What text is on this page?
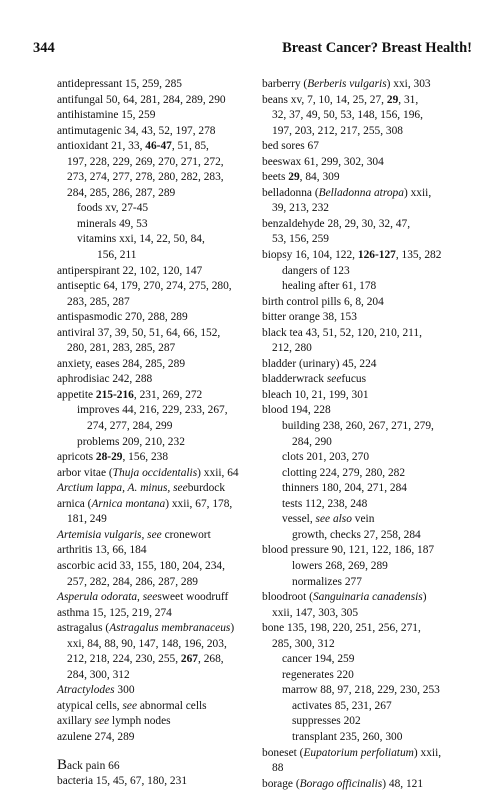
344	Breast Cancer? Breast Health!
antidepressant 15, 259, 285
antifungal 50, 64, 281, 284, 289, 290
antihistamine 15, 259
antimutagenic 34, 43, 52, 197, 278
antioxidant 21, 33, 46-47, 51, 85,
197, 228, 229, 269, 270, 271, 272,
273, 274, 277, 278, 280, 282, 283,
284, 285, 286, 287, 289
foods xv, 27-45
minerals 49, 53
vitamins xxi, 14, 22, 50, 84,
156, 211
antiperspirant 22, 102, 120, 147
antiseptic 64, 179, 270, 274, 275, 280,
283, 285, 287
antispasmodic 270, 288, 289
antiviral 37, 39, 50, 51, 64, 66, 152,
280, 281, 283, 285, 287
anxiety, eases 284, 285, 289
aphrodisiac 242, 288
appetite 215-216, 231, 269, 272
improves 44, 216, 229, 233, 267,
274, 277, 284, 299
problems 209, 210, 232
apricots 28-29, 156, 238
arbor vitae (Thuja occidentalis) xxii, 64
Arctium lappa, A. minus, seeburdock
arnica (Arnica montana) xxii, 67, 178,
181, 249
Artemisia vulgaris, see cronewort
arthritis 13, 66, 184
ascorbic acid 33, 155, 180, 204, 234,
257, 282, 284, 286, 287, 289
Asperula odorata, seesweet woodruff
asthma 15, 125, 219, 274
astragalus (Astragalus membranaceus)
xxi, 84, 88, 90, 147, 148, 196, 203,
212, 218, 224, 230, 255, 267, 268,
284, 300, 312
Atractylodes 300
atypical cells, see abnormal cells
axillary see lymph nodes
azulene 274, 289
Back pain 66
bacteria 15, 45, 67, 180, 231
barberry (Berberis vulgaris) xxi, 303
beans xv, 7, 10, 14, 25, 27, 29, 31,
32, 37, 49, 50, 53, 148, 156, 196,
197, 203, 212, 217, 255, 308
bed sores 67
beeswax 61, 299, 302, 304
beets 29, 84, 309
belladonna (Belladonna atropa) xxii,
39, 213, 232
benzaldehyde 28, 29, 30, 32, 47,
53, 156, 259
biopsy 16, 104, 122, 126-127, 135, 282
dangers of 123
healing after 61, 178
birth control pills 6, 8, 204
bitter orange 38, 153
black tea 43, 51, 52, 120, 210, 211,
212, 280
bladder (urinary) 45, 224
bladderwrack seefucus
bleach 10, 21, 199, 301
blood 194, 228
building 238, 260, 267, 271, 279,
284, 290
clots 201, 203, 270
clotting 224, 279, 280, 282
thinners 180, 204, 271, 284
tests 112, 238, 248
vessel, see also vein
growth, checks 27, 258, 284
blood pressure 90, 121, 122, 186, 187
lowers 268, 269, 289
normalizes 277
bloodroot (Sanguinaria canadensis)
xxii, 147, 303, 305
bone 135, 198, 220, 251, 256, 271,
285, 300, 312
cancer 194, 259
regenerates 220
marrow 88, 97, 218, 229, 230, 253
activates 85, 231, 267
suppresses 202
transplant 235, 260, 300
boneset (Eupatorium perfoliatum) xxii,
88
borage (Borago officinalis) 48, 121
